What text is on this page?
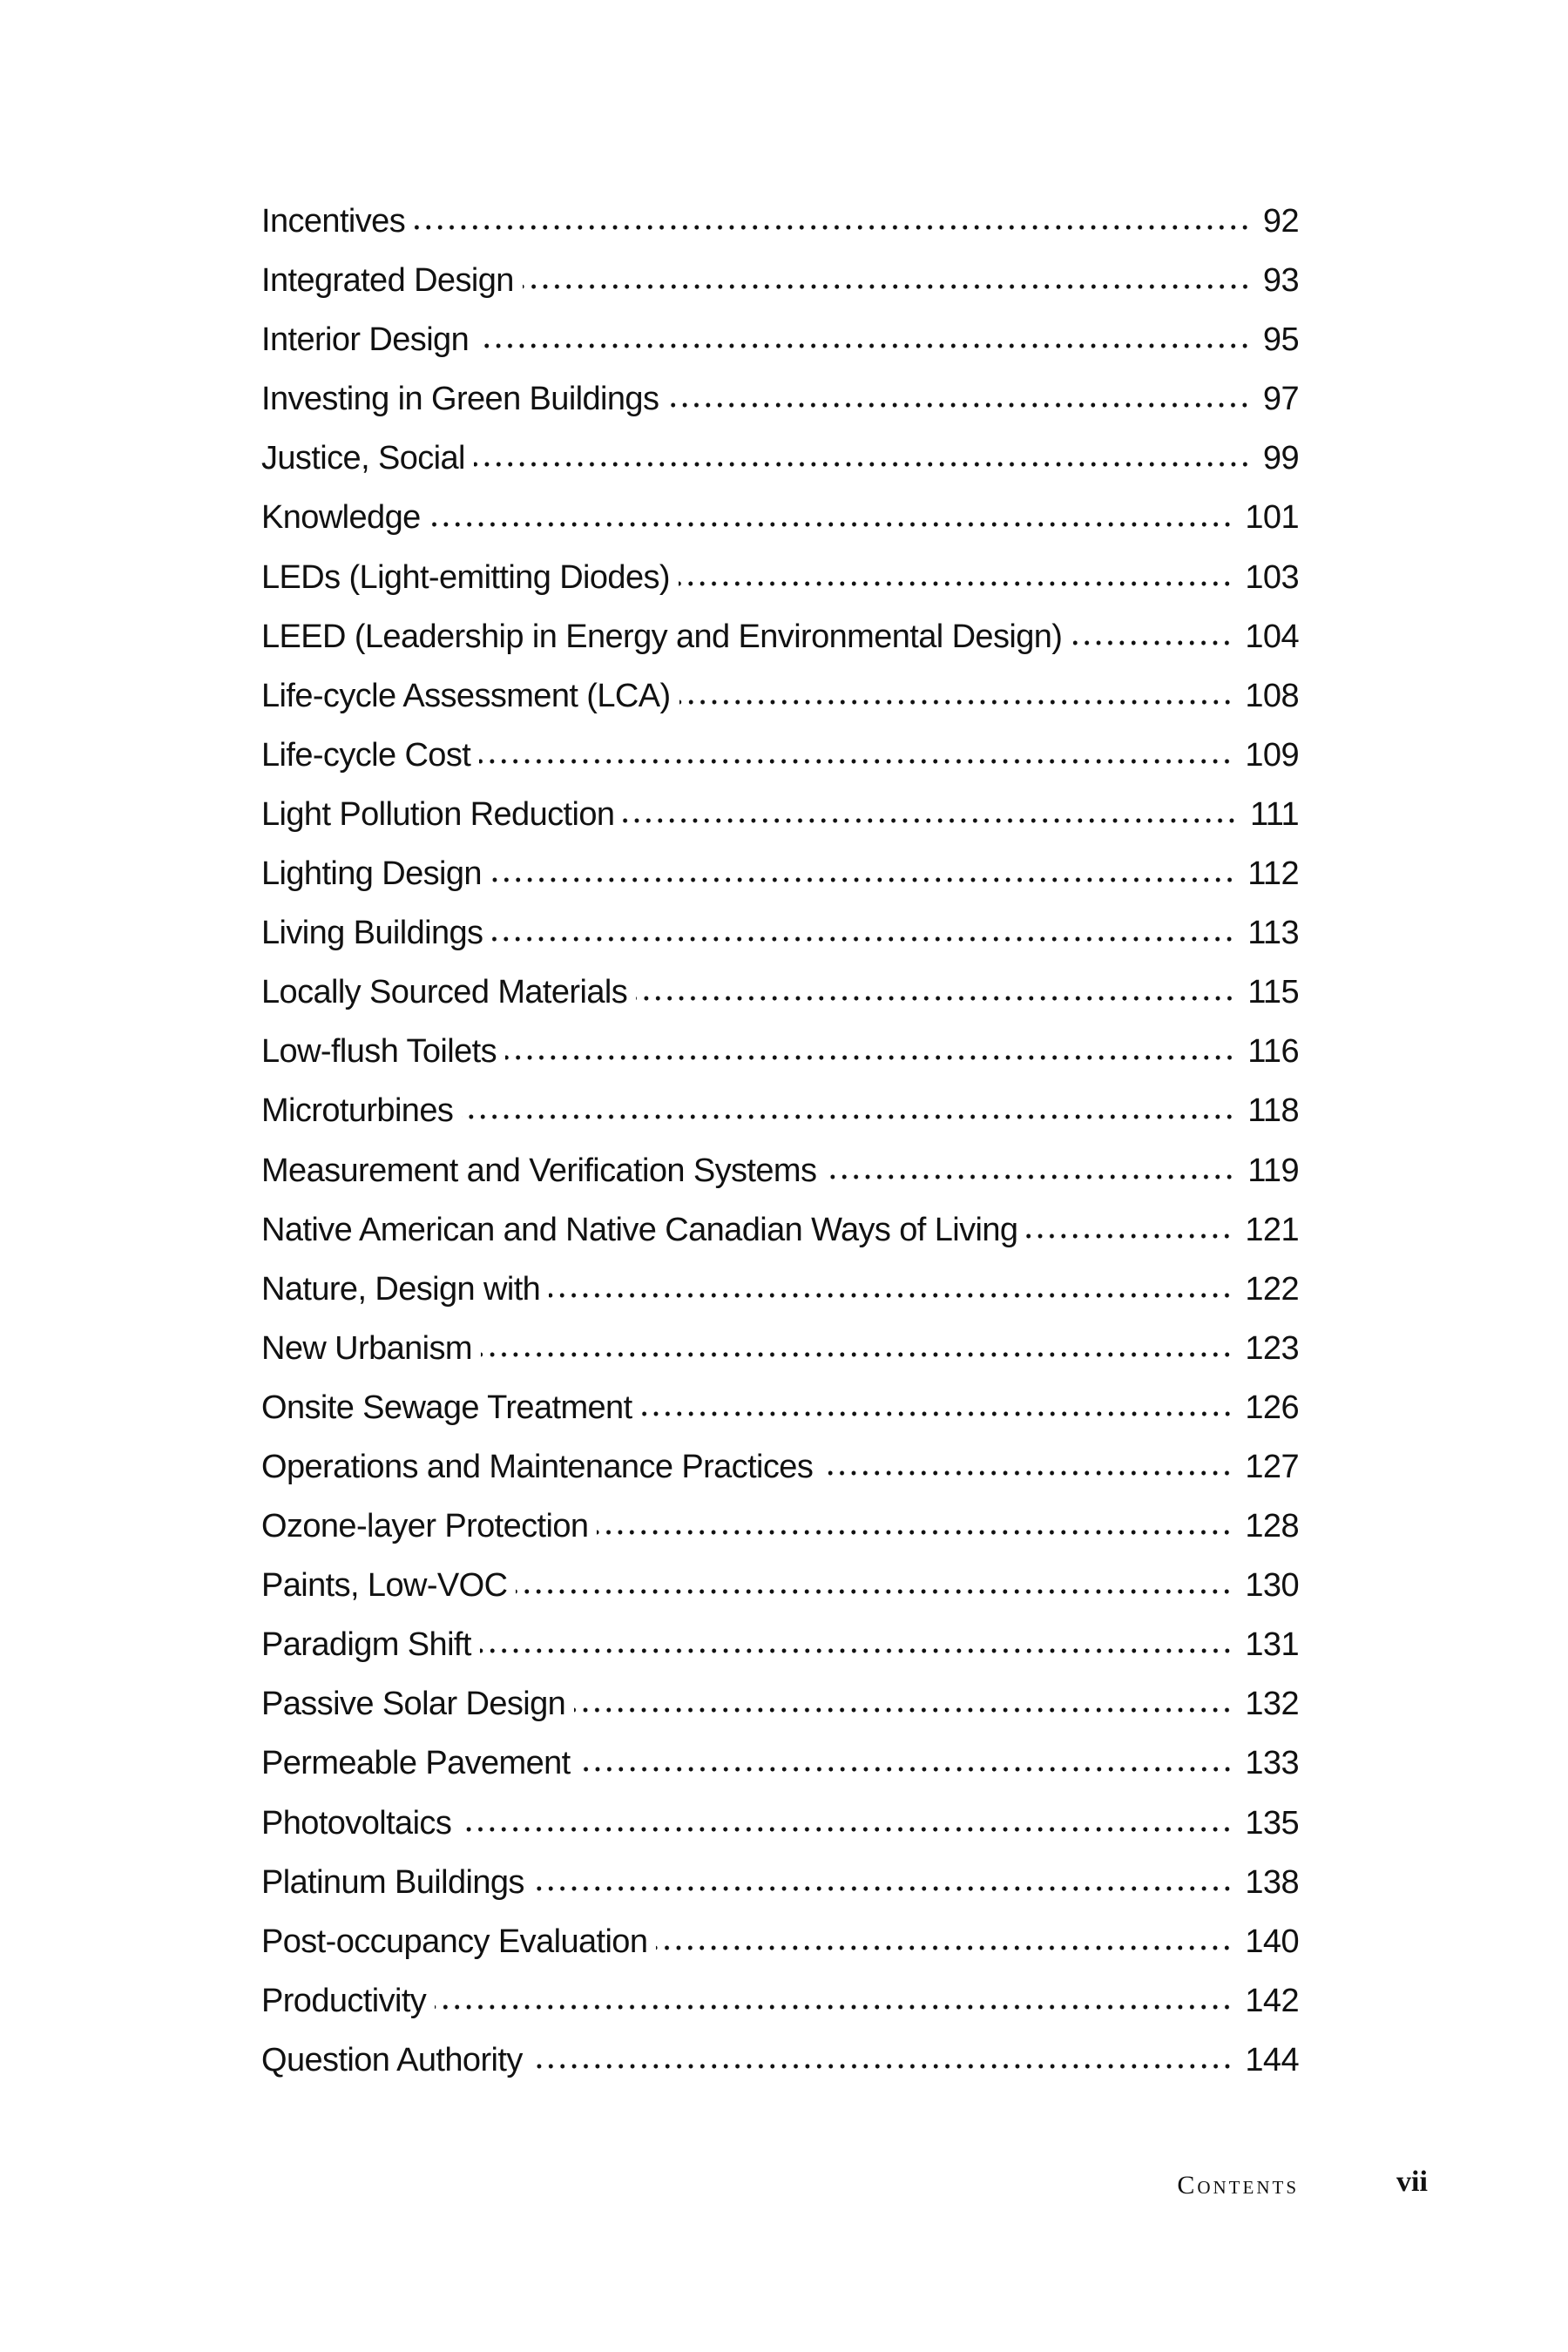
Incentives	92
Integrated Design	93
Interior Design	95
Investing in Green Buildings	97
Justice, Social	99
Knowledge	101
LEDs (Light-emitting Diodes)	103
LEED (Leadership in Energy and Environmental Design)	104
Life-cycle Assessment (LCA)	108
Life-cycle Cost	109
Light Pollution Reduction	111
Lighting Design	112
Living Buildings	113
Locally Sourced Materials	115
Low-flush Toilets	116
Microturbines	118
Measurement and Verification Systems	119
Native American and Native Canadian Ways of Living	121
Nature, Design with	122
New Urbanism	123
Onsite Sewage Treatment	126
Operations and Maintenance Practices	127
Ozone-layer Protection	128
Paints, Low-VOC	130
Paradigm Shift	131
Passive Solar Design	132
Permeable Pavement	133
Photovoltaics	135
Platinum Buildings	138
Post-occupancy Evaluation	140
Productivity	142
Question Authority	144
Contents	vii
